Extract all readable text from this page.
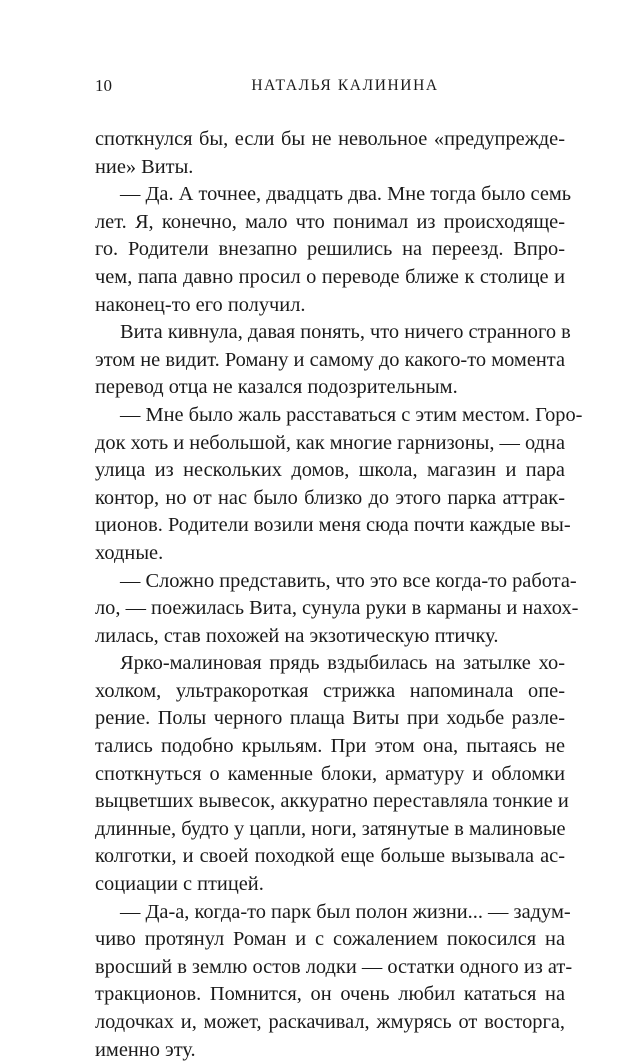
10	НАТАЛЬЯ КАЛИНИНА
споткнулся бы, если бы не невольное «предупрежде-
ние» Виты.
— Да. А точнее, двадцать два. Мне тогда было семь
лет. Я, конечно, мало что понимал из происходяще-
го. Родители внезапно решились на переезд. Впро-
чем, папа давно просил о переводе ближе к столице и
наконец-то его получил.
Вита кивнула, давая понять, что ничего странного в
этом не видит. Роману и самому до какого-то момента
перевод отца не казался подозрительным.
— Мне было жаль расставаться с этим местом. Горо-
док хоть и небольшой, как многие гарнизоны, — одна
улица из нескольких домов, школа, магазин и пара
контор, но от нас было близко до этого парка аттрак-
ционов. Родители возили меня сюда почти каждые вы-
ходные.
— Сложно представить, что это все когда-то работа-
ло, — поежилась Вита, сунула руки в карманы и нахох-
лилась, став похожей на экзотическую птичку.
Ярко-малиновая прядь вздыбилась на затылке хо-
холком, ультракороткая стрижка напоминала опе-
рение. Полы черного плаща Виты при ходьбе разле-
тались подобно крыльям. При этом она, пытаясь не
споткнуться о каменные блоки, арматуру и обломки
выцветших вывесок, аккуратно переставляла тонкие и
длинные, будто у цапли, ноги, затянутые в малиновые
колготки, и своей походкой еще больше вызывала ас-
социации с птицей.
— Да-а, когда-то парк был полон жизни... — задум-
чиво протянул Роман и с сожалением покосился на
вросший в землю остов лодки — остатки одного из ат-
тракционов. Помнится, он очень любил кататься на
лодочках и, может, раскачивал, жмурясь от восторга,
именно эту.
